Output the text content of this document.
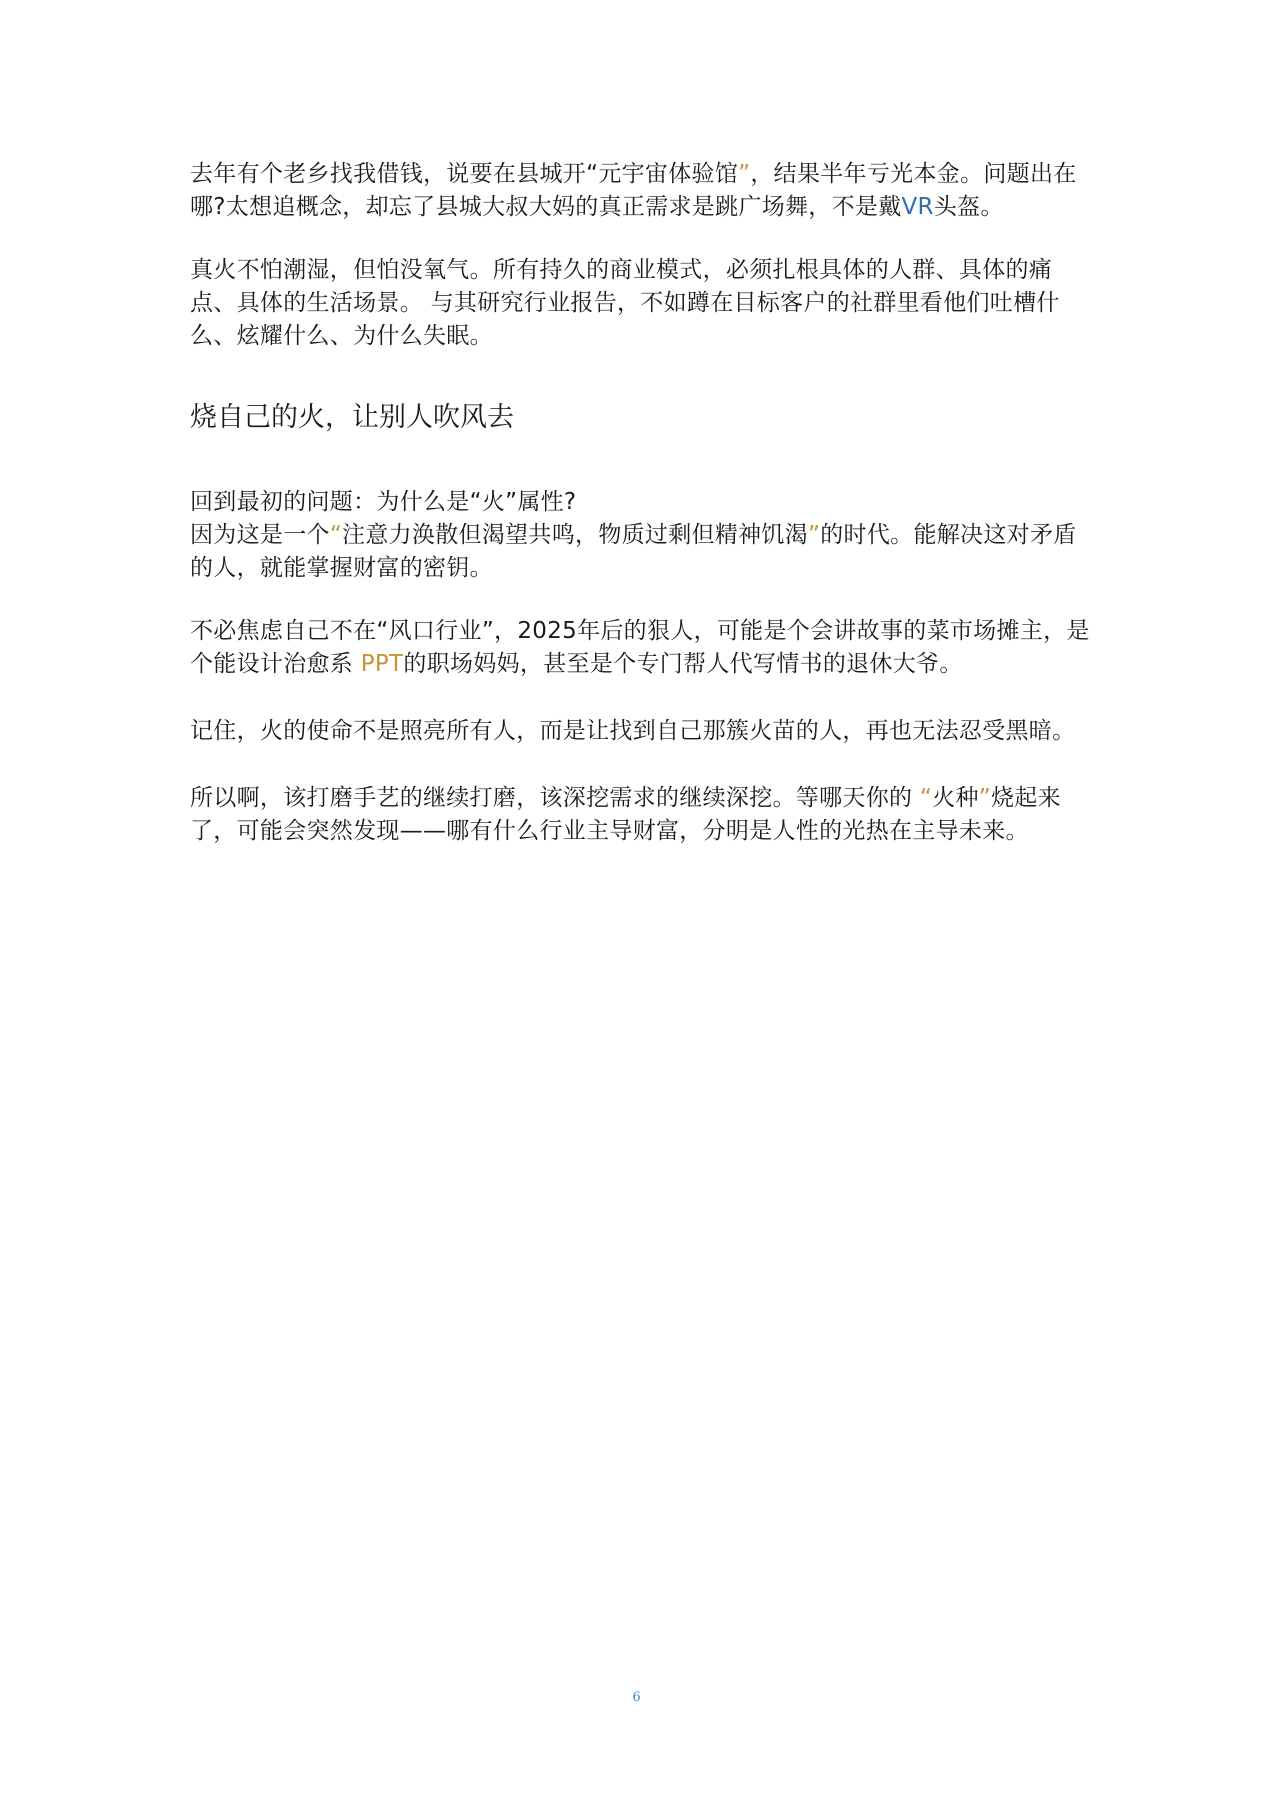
去年有个老乡找我借钱，说要在县城开“元宇宙体验馆”，结果半年亏光本金。问题出在哪?太想追概念，却忘了县城大叔大妈的真正需求是跳广场舞，不是戴VR头盔。

真火不怕潮湿，但怕没氧气。所有持久的商业模式，必须扎根具体的人群、具体的痛点、具体的生活场景。 与其研究行业报告，不如蹲在目标客户的社群里看他们吐槽什么、炫耀什么、为什么失眠。

烧自己的火，让别人吹风去

回到最初的问题：为什么是“火”属性?
因为这是一个“注意力涣散但渴望共鸣，物质过剩但精神饥渴”的时代。能解决这对矛盾的人，就能掌握财富的密钥。

不必焦虑自己不在“风口行业”，2025年后的狠人，可能是个会讲故事的菜市场摊主，是个能设计治愈系 PPT的职场妈妈，甚至是个专门帮人代写情书的退休大爷。

记住，火的使命不是照亮所有人，而是让找到自己那簇火苗的人，再也无法忍受黑暗。

所以啊，该打磨手艺的继续打磨，该深挖需求的继续深挖。等哪天你的 “火种”烧起来了，可能会突然发现——哪有什么行业主导财富，分明是人性的光热在主导未来。

6
